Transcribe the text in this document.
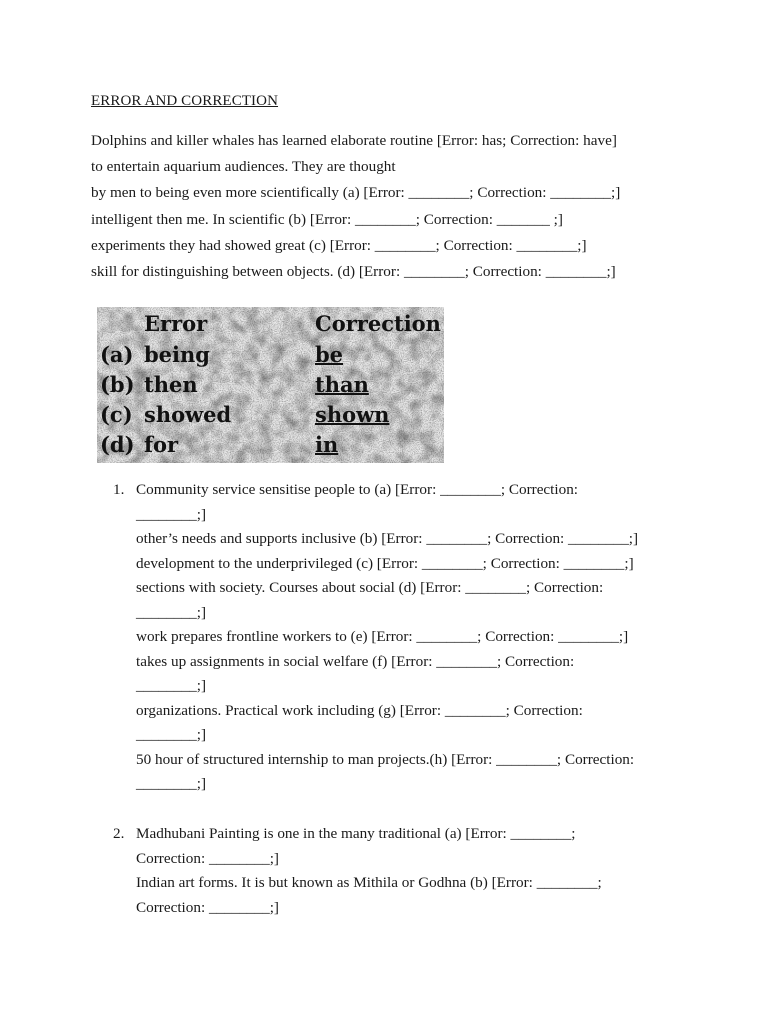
ERROR AND CORRECTION
Dolphins and killer whales has learned elaborate routine [Error: has; Correction: have]
to entertain aquarium audiences. They are thought
by men to being even more scientifically (a) [Error: ________; Correction: ________;]
intelligent then me. In scientific (b) [Error: ________; Correction: _______ ;]
experiments they had showed great (c) [Error: ________; Correction: ________;]
skill for distinguishing between objects. (d) [Error: ________; Correction: ________;]
Error	Correction
(a) being	be
(b) then	than
(c) showed	shown
(d) for	in
1. Community service sensitise people to (a) [Error: ________; Correction:
________;]
other’s needs and supports inclusive (b) [Error: ________; Correction: ________;]
development to the underprivileged (c) [Error: ________; Correction: ________;]
sections with society. Courses about social (d) [Error: ________; Correction:
________;]
work prepares frontline workers to (e) [Error: ________; Correction: ________;]
takes up assignments in social welfare (f) [Error: ________; Correction:
________;]
organizations. Practical work including (g) [Error: ________; Correction:
________;]
50 hour of structured internship to man projects.(h) [Error: ________; Correction:
________;]
2. Madhubani Painting is one in the many traditional (a) [Error: ________;
Correction: ________;]
Indian art forms. It is but known as Mithila or Godhna (b) [Error: ________;
Correction: ________;]
